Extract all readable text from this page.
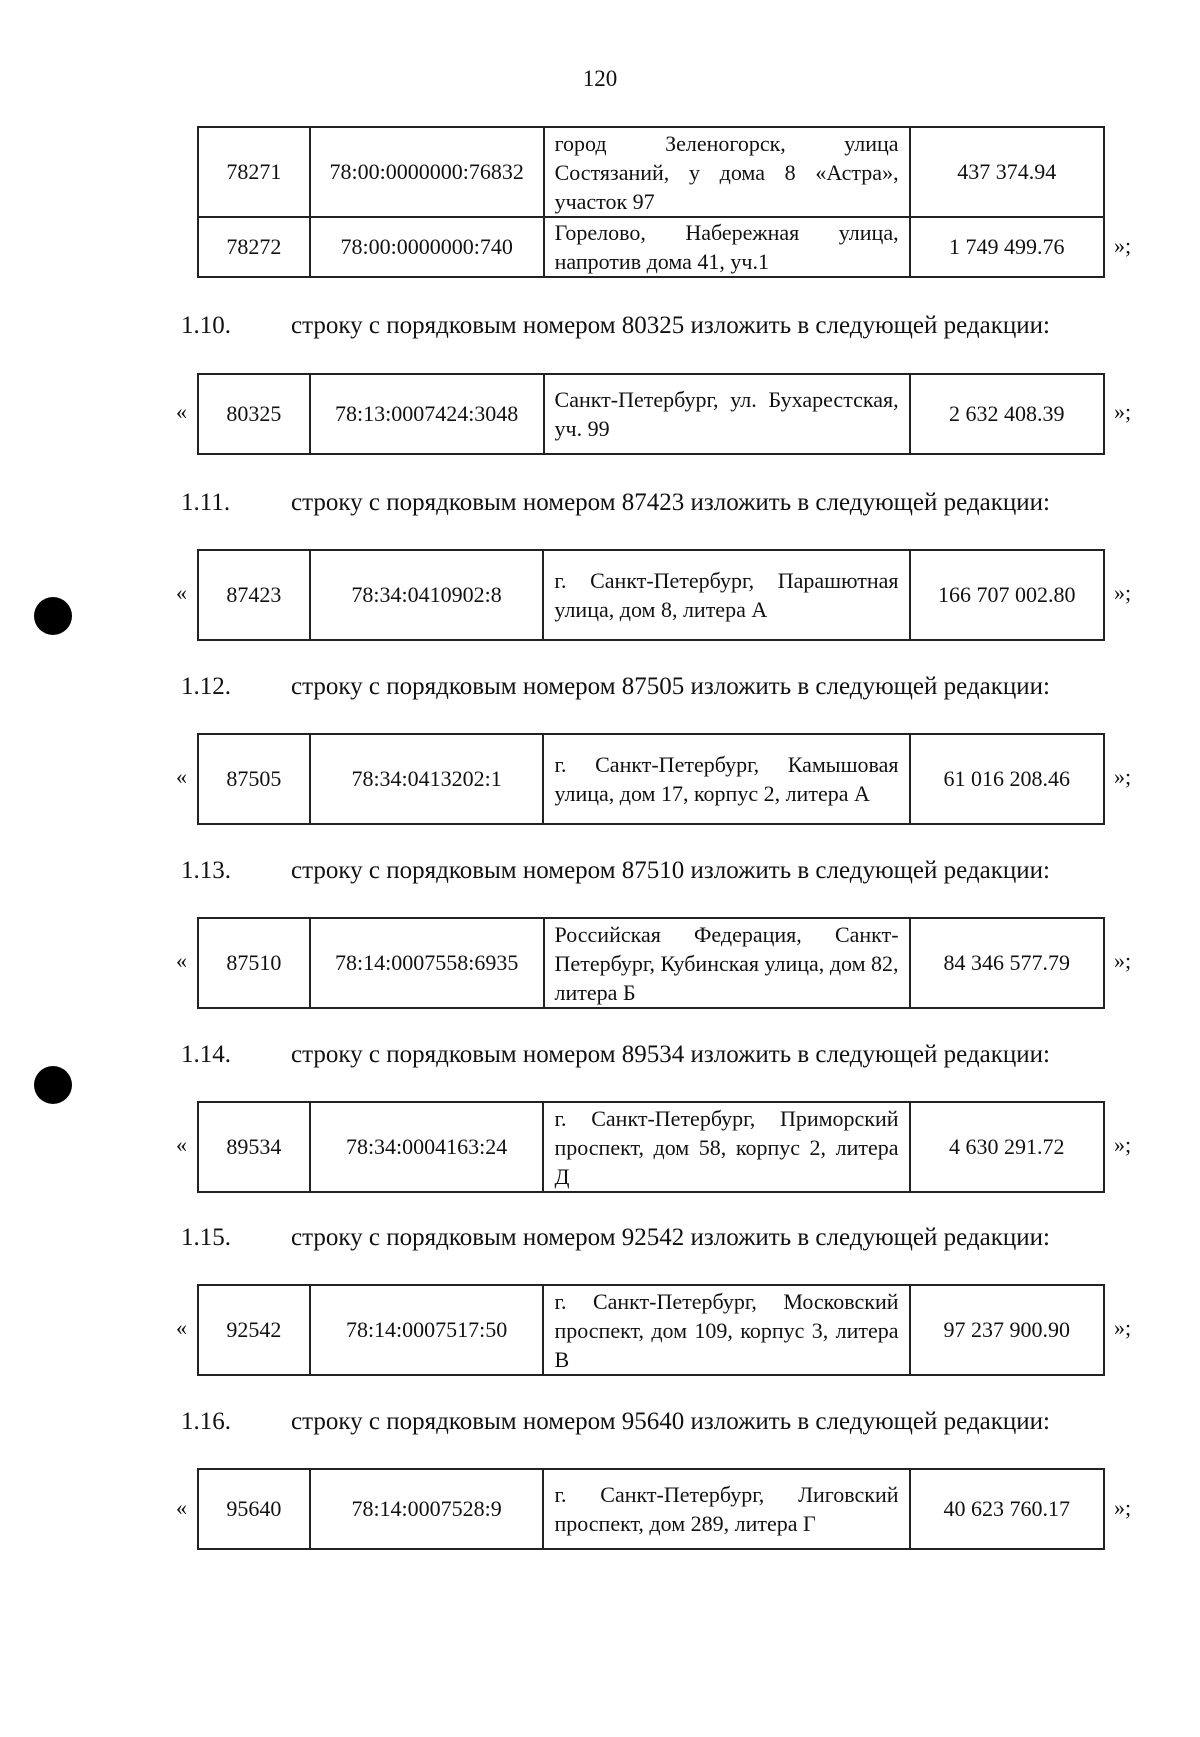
120
78271	78:00:0000000:76832	город Зеленогорск, улица Состязаний, у дома 8 «Астра», участок 97	437 374.94
78272	78:00:0000000:740	Горелово, Набережная улица, напротив дома 41, уч.1	1 749 499.76 »;
1.10. строку с порядковым номером 80325 изложить в следующей редакции:
« 80325	78:13:0007424:3048	Санкт-Петербург, ул. Бухарестская, уч. 99	2 632 408.39 »;
1.11. строку с порядковым номером 87423 изложить в следующей редакции:
« 87423	78:34:0410902:8	г. Санкт-Петербург, Парашютная улица, дом 8, литера А	166 707 002.80 »;
1.12. строку с порядковым номером 87505 изложить в следующей редакции:
« 87505	78:34:0413202:1	г. Санкт-Петербург, Камышовая улица, дом 17, корпус 2, литера А	61 016 208.46 »;
1.13. строку с порядковым номером 87510 изложить в следующей редакции:
« 87510	78:14:0007558:6935	Российская Федерация, Санкт-Петербург, Кубинская улица, дом 82, литера Б	84 346 577.79 »;
1.14. строку с порядковым номером 89534 изложить в следующей редакции:
« 89534	78:34:0004163:24	г. Санкт-Петербург, Приморский проспект, дом 58, корпус 2, литера Д	4 630 291.72 »;
1.15. строку с порядковым номером 92542 изложить в следующей редакции:
« 92542	78:14:0007517:50	г. Санкт-Петербург, Московский проспект, дом 109, корпус 3, литера В	97 237 900.90 »;
1.16. строку с порядковым номером 95640 изложить в следующей редакции:
« 95640	78:14:0007528:9	г. Санкт-Петербург, Лиговский проспект, дом 289, литера Г	40 623 760.17 »;
